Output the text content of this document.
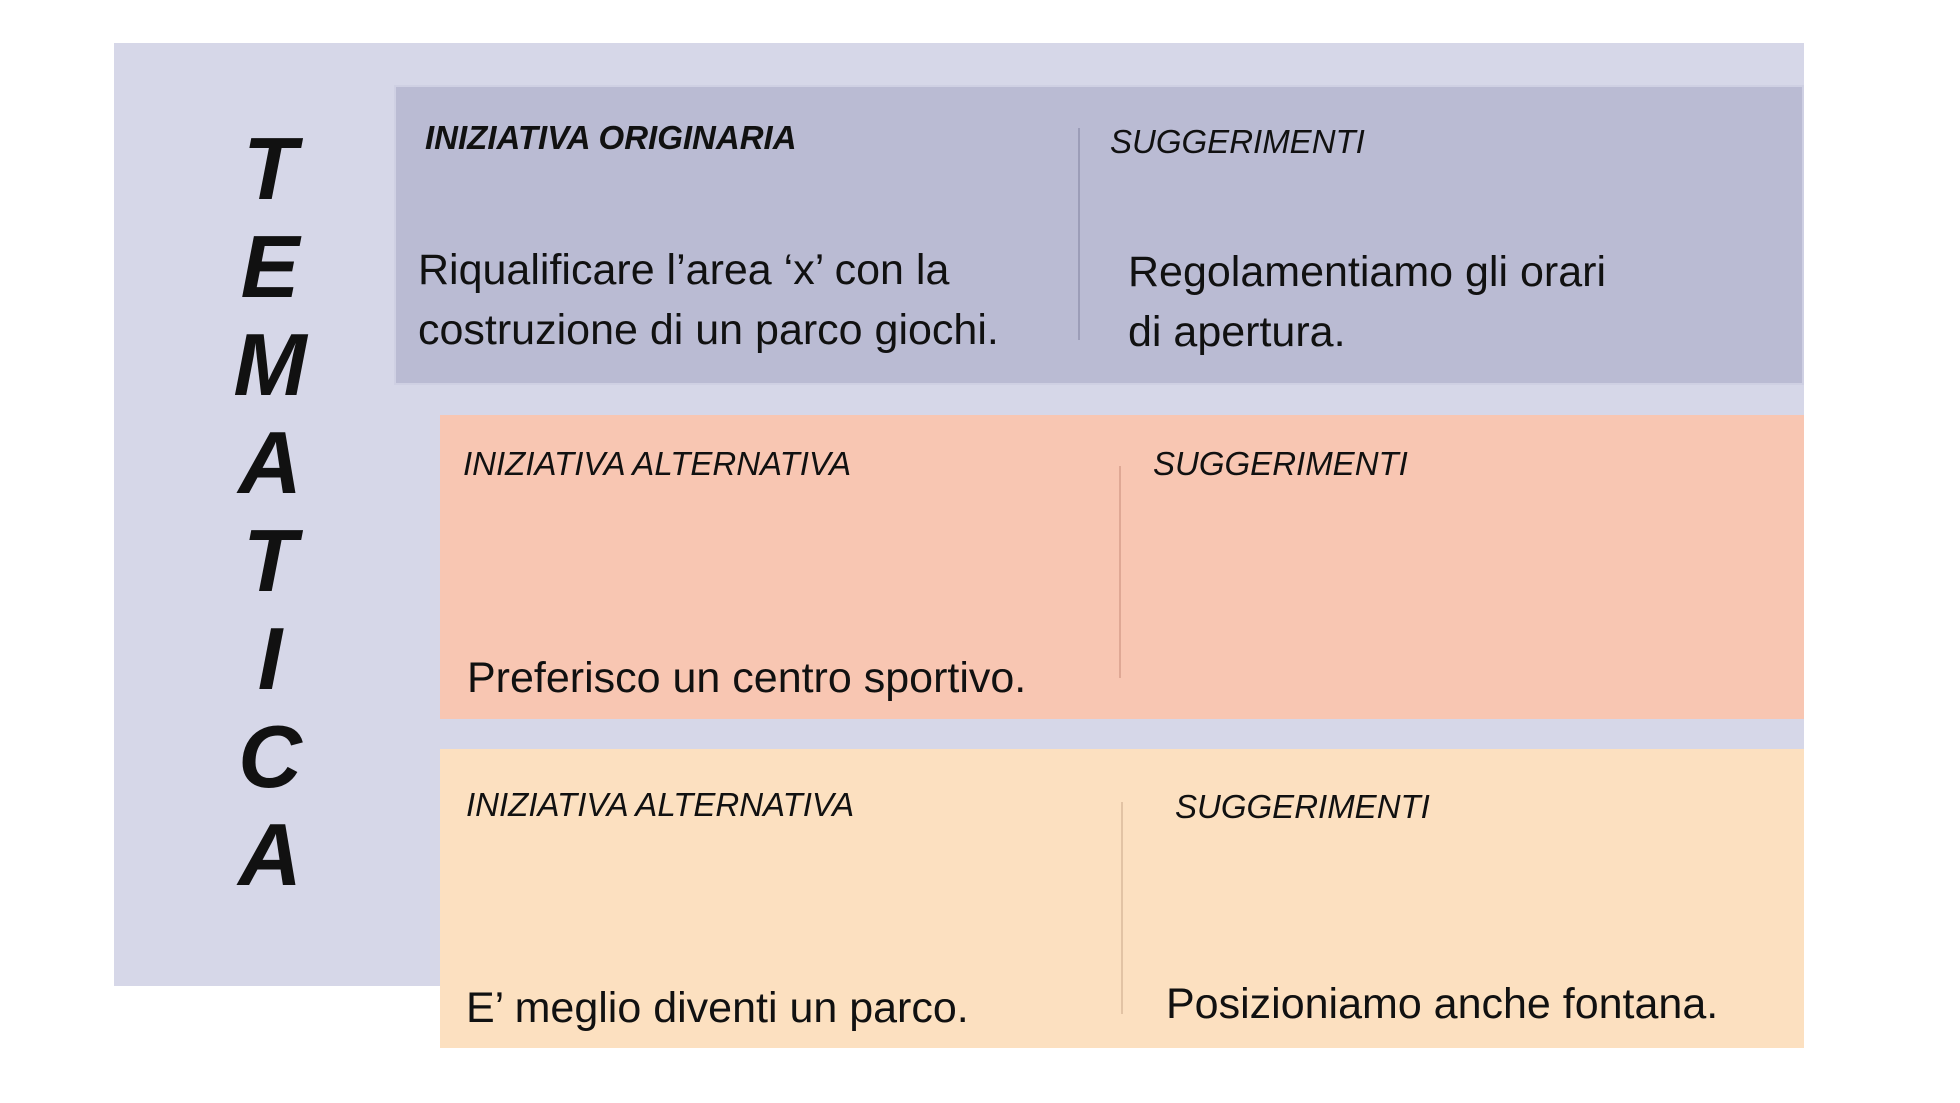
T
E
M
A
T
I
C
A
INIZIATIVA ORIGINARIA
Riqualificare l’area ‘x’ con la
costruzione di un parco giochi.
SUGGERIMENTI
Regolamentiamo gli orari
di apertura.
INIZIATIVA ALTERNATIVA
Preferisco un centro sportivo.
SUGGERIMENTI
INIZIATIVA ALTERNATIVA
E’ meglio diventi un parco.
SUGGERIMENTI
Posizioniamo anche fontana.
